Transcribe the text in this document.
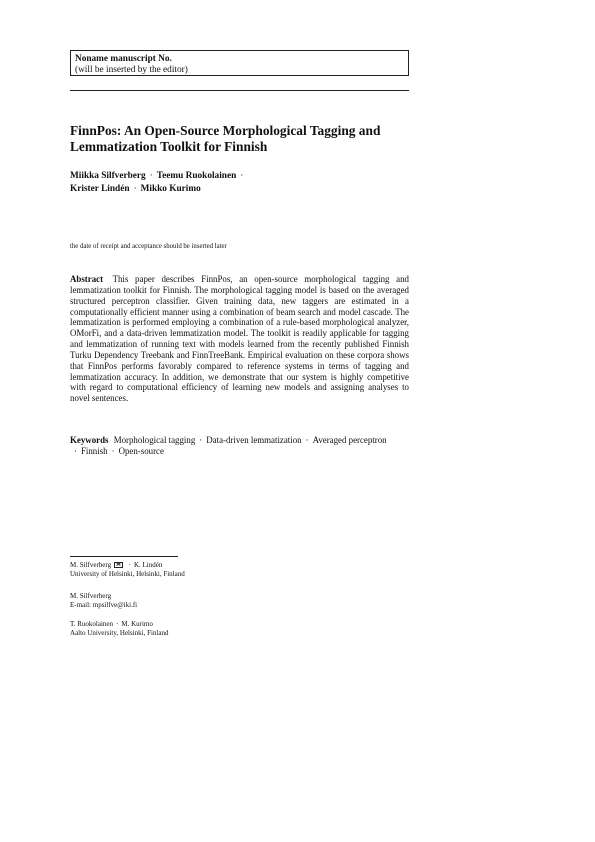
Noname manuscript No.
(will be inserted by the editor)
FinnPos: An Open-Source Morphological Tagging and
Lemmatization Toolkit for Finnish
Miikka Silfverberg · Teemu Ruokolainen ·
Krister Lindén · Mikko Kurimo
the date of receipt and acceptance should be inserted later
Abstract This paper describes FinnPos, an open-source morphological tagging and lemmatization toolkit for Finnish. The morphological tagging model is based on the averaged structured perceptron classifier. Given training data, new taggers are estimated in a computationally efficient manner using a combination of beam search and model cascade. The lemmatization is performed employing a combination of a rule-based morphological analyzer, OMorFi, and a data-driven lemmatization model. The toolkit is readily applicable for tagging and lemmatization of running text with models learned from the recently published Finnish Turku Dependency Treebank and FinnTreeBank. Empirical evaluation on these corpora shows that FinnPos performs favorably compared to reference systems in terms of tagging and lemmatization accuracy. In addition, we demonstrate that our system is highly competitive with regard to computational efficiency of learning new models and assigning analyses to novel sentences.
Keywords Morphological tagging · Data-driven lemmatization · Averaged perceptron · Finnish · Open-source
M. Silfverberg	· K. Lindén
University of Helsinki, Helsinki, Finland
M. Silfverberg
E-mail: mpsilfve@iki.fi
T. Ruokolainen · M. Kurimo
Aalto University, Helsinki, Finland
